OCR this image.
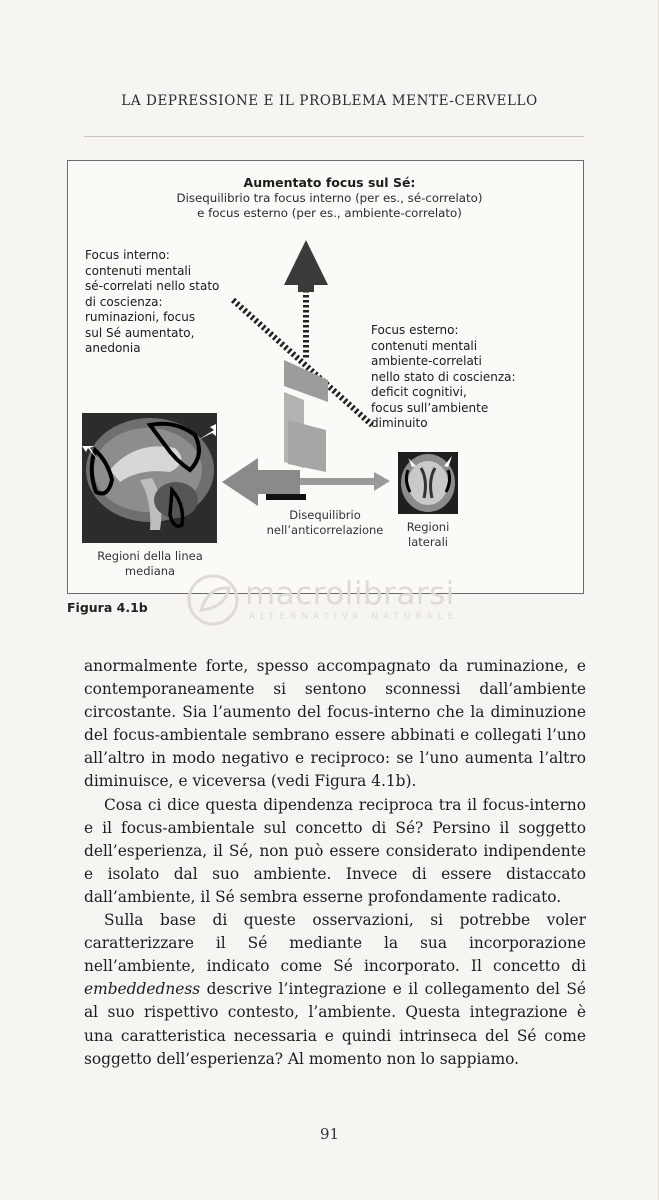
LA DEPRESSIONE E IL PROBLEMA MENTE-CERVELLO
Aumentato focus sul Sé:
Disequilibrio tra focus interno (per es., sé-correlato)
e focus esterno (per es., ambiente-correlato)
Focus interno:
contenuti mentali
sé-correlati nello stato
di coscienza:
ruminazioni, focus
sul Sé aumentato,
anedonia
Focus esterno:
contenuti mentali
ambiente-correlati
nello stato di coscienza:
deficit cognitivi,
focus sull’ambiente
diminuito
Disequilibrio
nell’anticorrelazione
Regioni della linea
mediana
Regioni
laterali
Figura 4.1b	macrolibrarsi
ALTERNATIVA NATURALE

anormalmente forte, spesso accompagnato da ruminazione, e contemporaneamente si sentono sconnessi dall’ambiente circostante. Sia l’aumento del focus-interno che la diminuzione del focus-ambientale sembrano essere abbinati e collegati l’uno all’altro in modo negativo e reciproco: se l’uno aumenta l’altro diminuisce, e viceversa (vedi Figura 4.1b).

Cosa ci dice questa dipendenza reciproca tra il focus-interno e il focus-ambientale sul concetto di Sé? Persino il soggetto dell’esperienza, il Sé, non può essere considerato indipendente e isolato dal suo ambiente. Invece di essere distaccato dall’ambiente, il Sé sembra esserne profondamente radicato.

Sulla base di queste osservazioni, si potrebbe voler caratterizzare il Sé mediante la sua incorporazione nell’ambiente, indicato come Sé incorporato. Il concetto di embeddedness descrive l’integrazione e il collegamento del Sé al suo rispettivo contesto, l’ambiente. Questa integrazione è una caratteristica necessaria e quindi intrinseca del Sé come soggetto dell’esperienza? Al momento non lo sappiamo.

91
